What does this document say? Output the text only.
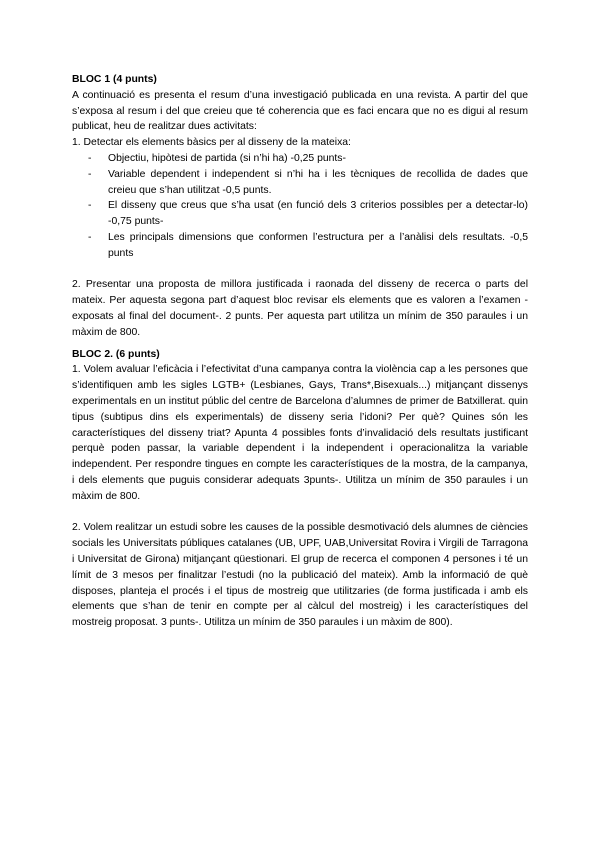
BLOC 1 (4 punts)

A continuació es presenta el resum d’una investigació publicada en una revista. A partir del que s’exposa al resum i del que creieu que té coherencia que es faci encara que no es digui al resum publicat, heu de realitzar dues activitats:

1. Detectar els elements bàsics per al disseny de la mateixa:

- Objectiu, hipòtesi de partida (si n’hi ha) -0,25 punts-
- Variable dependent i independent si n’hi ha i les tècniques de recollida de dades que creieu que s’han utilitzat -0,5 punts.
- El disseny que creus que s’ha usat (en funció dels 3 criterios possibles per a detectar-lo) -0,75 punts-
- Les principals dimensions que conformen l’estructura per a l’anàlisi dels resultats. -0,5 punts

2. Presentar una proposta de millora justificada i raonada del disseny de recerca o parts del mateix. Per aquesta segona part d’aquest bloc revisar els elements que es valoren a l’examen -exposats al final del document-. 2 punts. Per aquesta part utilitza un mínim de 350 paraules i un màxim de 800.

BLOC 2. (6 punts)

1. Volem avaluar l’eficàcia i l’efectivitat d’una campanya contra la violència cap a les persones que s’identifiquen amb les sigles LGTB+ (Lesbianes, Gays, Trans*,Bisexuals...) mitjançant dissenys experimentals en un institut públic del centre de Barcelona d’alumnes de primer de Batxillerat. quin tipus (subtipus dins els experimentals) de disseny seria l’idoni? Per què? Quines són les característiques del disseny triat? Apunta 4 possibles fonts d’invalidació dels resultats justificant perquè poden passar, la variable dependent i la independent i operacionalitza la variable independent. Per respondre tingues en compte les característiques de la mostra, de la campanya, i dels elements que puguis considerar adequats 3punts-. Utilitza un mínim de 350 paraules i un màxim de 800.

2. Volem realitzar un estudi sobre les causes de la possible desmotivació dels alumnes de ciències socials les Universitats públiques catalanes (UB, UPF, UAB,Universitat Rovira i Virgili de Tarragona i Universitat de Girona) mitjançant qüestionari. El grup de recerca el componen 4 persones i té un límit de 3 mesos per finalitzar l’estudi (no la publicació del mateix). Amb la informació de què disposes, planteja el procés i el tipus de mostreig que utilitzaries (de forma justificada i amb els elements que s’han de tenir en compte per al càlcul del mostreig) i les característiques del mostreig proposat. 3 punts-. Utilitza un mínim de 350 paraules i un màxim de 800).
